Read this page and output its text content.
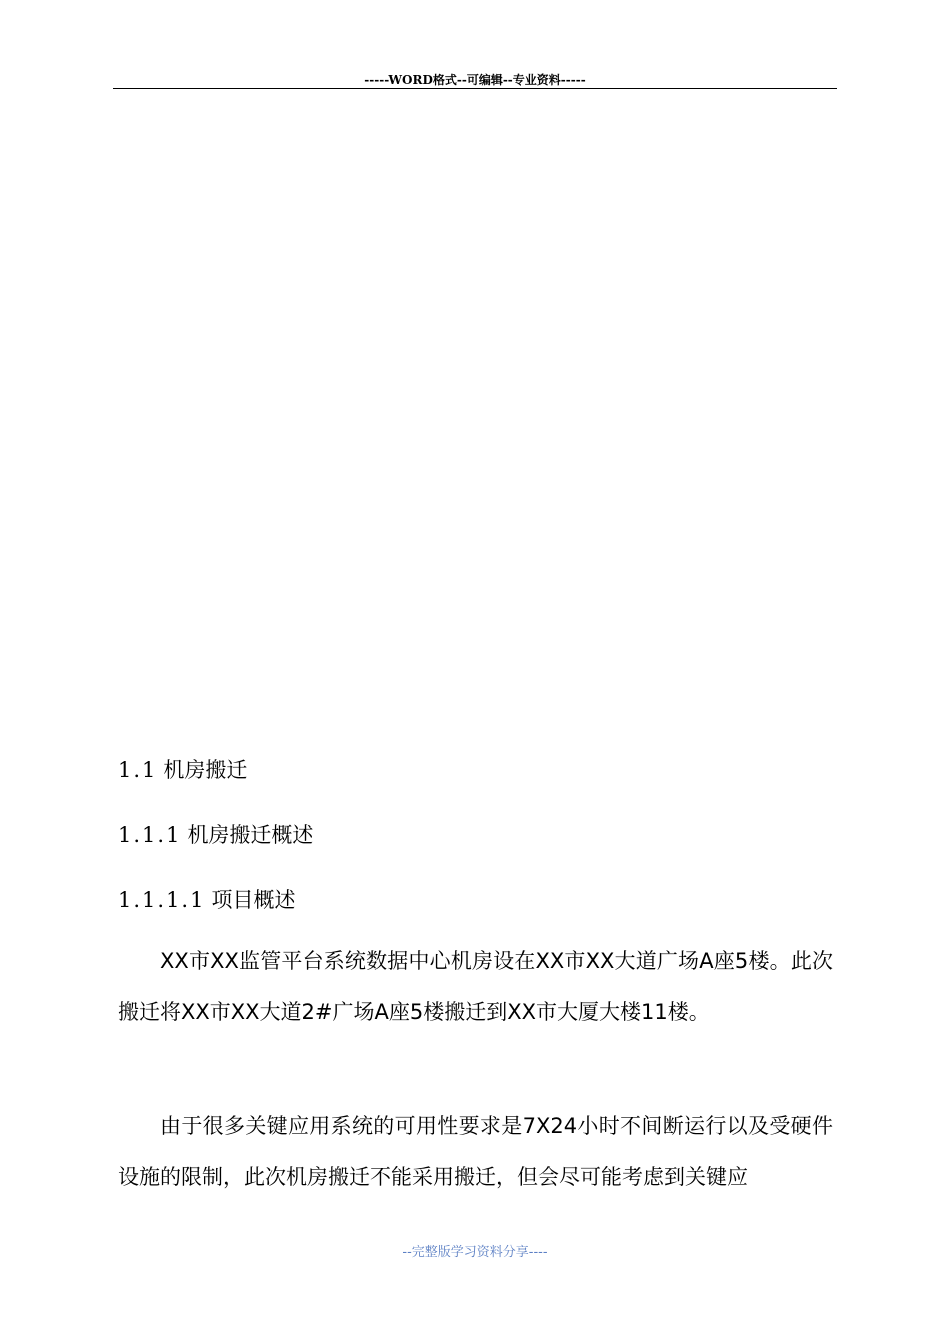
-----WORD格式--可编辑--专业资料-----
1.1 机房搬迁
1.1.1 机房搬迁概述
1.1.1.1 项目概述

XX市XX监管平台系统数据中心机房设在XX市XX大道广场A座5楼。此次搬迁将XX市XX大道2#广场A座5楼搬迁到XX市大厦大楼11楼。

由于很多关键应用系统的可用性要求是7X24小时不间断运行以及受硬件设施的限制，此次机房搬迁不能采用搬迁，但会尽可能考虑到关键应

--完整版学习资料分享----
